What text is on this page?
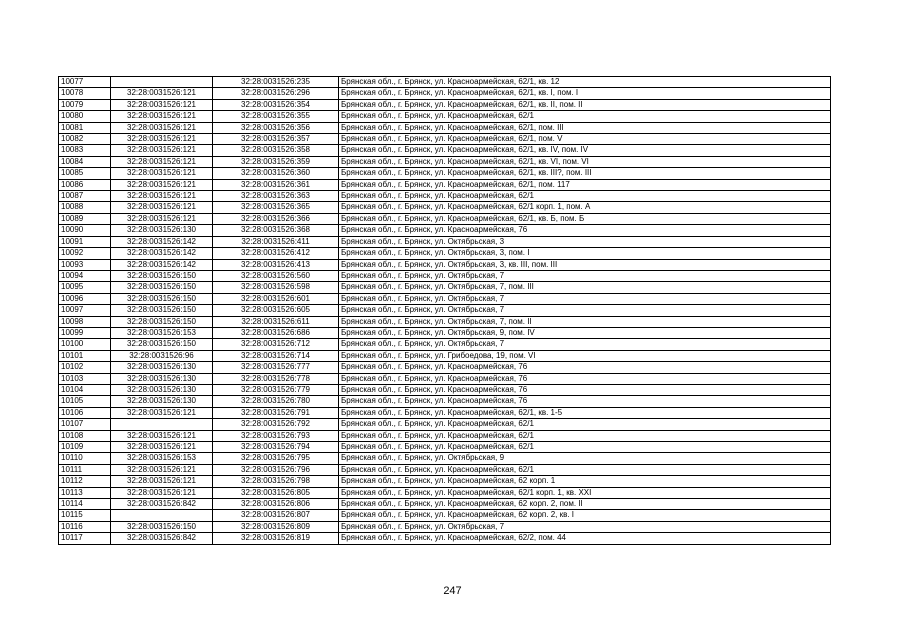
10077		32:28:0031526:235	Брянская обл., г. Брянск, ул. Красноармейская, 62/1, кв. 12
10078	32:28:0031526:121	32:28:0031526:296	Брянская обл., г. Брянск, ул. Красноармейская, 62/1, кв. I, пом. I
10079	32:28:0031526:121	32:28:0031526:354	Брянская обл., г. Брянск, ул. Красноармейская, 62/1, кв. II, пом. II
10080	32:28:0031526:121	32:28:0031526:355	Брянская обл., г. Брянск, ул. Красноармейская, 62/1
10081	32:28:0031526:121	32:28:0031526:356	Брянская обл., г. Брянск, ул. Красноармейская, 62/1, пом. III
10082	32:28:0031526:121	32:28:0031526:357	Брянская обл., г. Брянск, ул. Красноармейская, 62/1, пом. V
10083	32:28:0031526:121	32:28:0031526:358	Брянская обл., г. Брянск, ул. Красноармейская, 62/1, кв. IV, пом. IV
10084	32:28:0031526:121	32:28:0031526:359	Брянская обл., г. Брянск, ул. Красноармейская, 62/1, кв. VI, пом. VI
10085	32:28:0031526:121	32:28:0031526:360	Брянская обл., г. Брянск, ул. Красноармейская, 62/1, кв. III?, пом. III
10086	32:28:0031526:121	32:28:0031526:361	Брянская обл., г. Брянск, ул. Красноармейская, 62/1, пом. 117
10087	32:28:0031526:121	32:28:0031526:363	Брянская обл., г. Брянск, ул. Красноармейская, 62/1
10088	32:28:0031526:121	32:28:0031526:365	Брянская обл., г. Брянск, ул. Красноармейская, 62/1 корп. 1, пом. А
10089	32:28:0031526:121	32:28:0031526:366	Брянская обл., г. Брянск, ул. Красноармейская, 62/1, кв. Б, пом. Б
10090	32:28:0031526:130	32:28:0031526:368	Брянская обл., г. Брянск, ул. Красноармейская, 76
10091	32:28:0031526:142	32:28:0031526:411	Брянская обл., г. Брянск, ул. Октябрьская, 3
10092	32:28:0031526:142	32:28:0031526:412	Брянская обл., г. Брянск, ул. Октябрьская, 3, пом. I
10093	32:28:0031526:142	32:28:0031526:413	Брянская обл., г. Брянск, ул. Октябрьская, 3, кв. III, пом. III
10094	32:28:0031526:150	32:28:0031526:560	Брянская обл., г. Брянск, ул. Октябрьская, 7
10095	32:28:0031526:150	32:28:0031526:598	Брянская обл., г. Брянск, ул. Октябрьская, 7, пом. III
10096	32:28:0031526:150	32:28:0031526:601	Брянская обл., г. Брянск, ул. Октябрьская, 7
10097	32:28:0031526:150	32:28:0031526:605	Брянская обл., г. Брянск, ул. Октябрьская, 7
10098	32:28:0031526:150	32:28:0031526:611	Брянская обл., г. Брянск, ул. Октябрьская, 7, пом. II
10099	32:28:0031526:153	32:28:0031526:686	Брянская обл., г. Брянск, ул. Октябрьская, 9, пом. IV
10100	32:28:0031526:150	32:28:0031526:712	Брянская обл., г. Брянск, ул. Октябрьская, 7
10101	32:28:0031526:96	32:28:0031526:714	Брянская обл., г. Брянск, ул. Грибоедова, 19, пом. VI
10102	32:28:0031526:130	32:28:0031526:777	Брянская обл., г. Брянск, ул. Красноармейская, 76
10103	32:28:0031526:130	32:28:0031526:778	Брянская обл., г. Брянск, ул. Красноармейская, 76
10104	32:28:0031526:130	32:28:0031526:779	Брянская обл., г. Брянск, ул. Красноармейская, 76
10105	32:28:0031526:130	32:28:0031526:780	Брянская обл., г. Брянск, ул. Красноармейская, 76
10106	32:28:0031526:121	32:28:0031526:791	Брянская обл., г. Брянск, ул. Красноармейская, 62/1, кв. 1-5
10107		32:28:0031526:792	Брянская обл., г. Брянск, ул. Красноармейская, 62/1
10108	32:28:0031526:121	32:28:0031526:793	Брянская обл., г. Брянск, ул. Красноармейская, 62/1
10109	32:28:0031526:121	32:28:0031526:794	Брянская обл., г. Брянск, ул. Красноармейская, 62/1
10110	32:28:0031526:153	32:28:0031526:795	Брянская обл., г. Брянск, ул. Октябрьская, 9
10111	32:28:0031526:121	32:28:0031526:796	Брянская обл., г. Брянск, ул. Красноармейская, 62/1
10112	32:28:0031526:121	32:28:0031526:798	Брянская обл., г. Брянск, ул. Красноармейская, 62 корп. 1
10113	32:28:0031526:121	32:28:0031526:805	Брянская обл., г. Брянск, ул. Красноармейская, 62/1 корп. 1, кв. XXI
10114	32:28:0031526:842	32:28:0031526:806	Брянская обл., г. Брянск, ул. Красноармейская, 62 корп. 2, пом. II
10115		32:28:0031526:807	Брянская обл., г. Брянск, ул. Красноармейская, 62 корп. 2, кв. I
10116	32:28:0031526:150	32:28:0031526:809	Брянская обл., г. Брянск, ул. Октябрьская, 7
10117	32:28:0031526:842	32:28:0031526:819	Брянская обл., г. Брянск, ул. Красноармейская, 62/2, пом. 44
247
